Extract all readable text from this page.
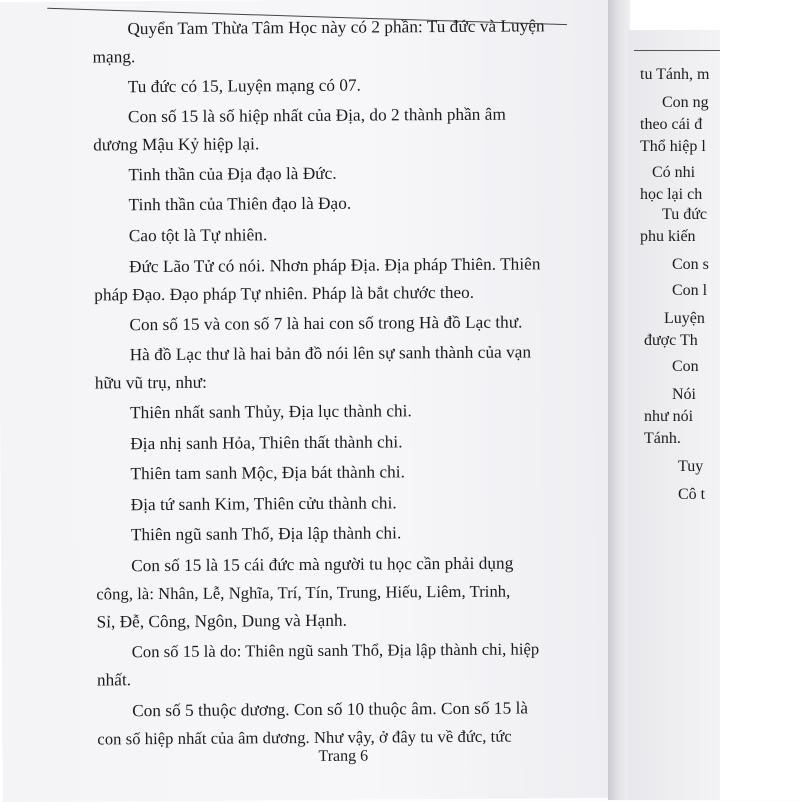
Quyển Tam Thừa Tâm Học này có 2 phần: Tu đức và Luyện
mạng.
Tu đức có 15, Luyện mạng có 07.
Con số 15 là số hiệp nhất của Địa, do 2 thành phần âm
dương Mậu Kỷ hiệp lại.
Tinh thần của Địa đạo là Đức.
Tinh thần của Thiên đạo là Đạo.
Cao tột là Tự nhiên.
Đức Lão Tử có nói. Nhơn pháp Địa. Địa pháp Thiên. Thiên
pháp Đạo. Đạo pháp Tự nhiên. Pháp là bắt chước theo.
Con số 15 và con số 7 là hai con số trong Hà đồ Lạc thư.
Hà đồ Lạc thư là hai bản đồ nói lên sự sanh thành của vạn
hữu vũ trụ, như:
Thiên nhất sanh Thủy, Địa lục thành chi.
Địa nhị sanh Hỏa, Thiên thất thành chi.
Thiên tam sanh Mộc, Địa bát thành chi.
Địa tứ sanh Kim, Thiên cửu thành chi.
Thiên ngũ sanh Thổ, Địa lập thành chi.
Con số 15 là 15 cái đức mà người tu học cần phải dụng
công, là: Nhân, Lễ, Nghĩa, Trí, Tín, Trung, Hiếu, Liêm, Trinh,
Sỉ, Đễ, Công, Ngôn, Dung và Hạnh.
Con số 15 là do: Thiên ngũ sanh Thổ, Địa lập thành chi, hiệp
nhất.
Con số 5 thuộc dương. Con số 10 thuộc âm. Con số 15 là
con số hiệp nhất của âm dương. Như vậy, ở đây tu về đức, tức
Trang 6
tu Tánh, m
Con ng
theo cái đ
Thổ hiệp l
Có nhi
học lại ch
Tu đức
phu kiến
Con s
Con l
Luyện
được Th
Con
Nói
như nói
Tánh.
Tuy
Cô t
